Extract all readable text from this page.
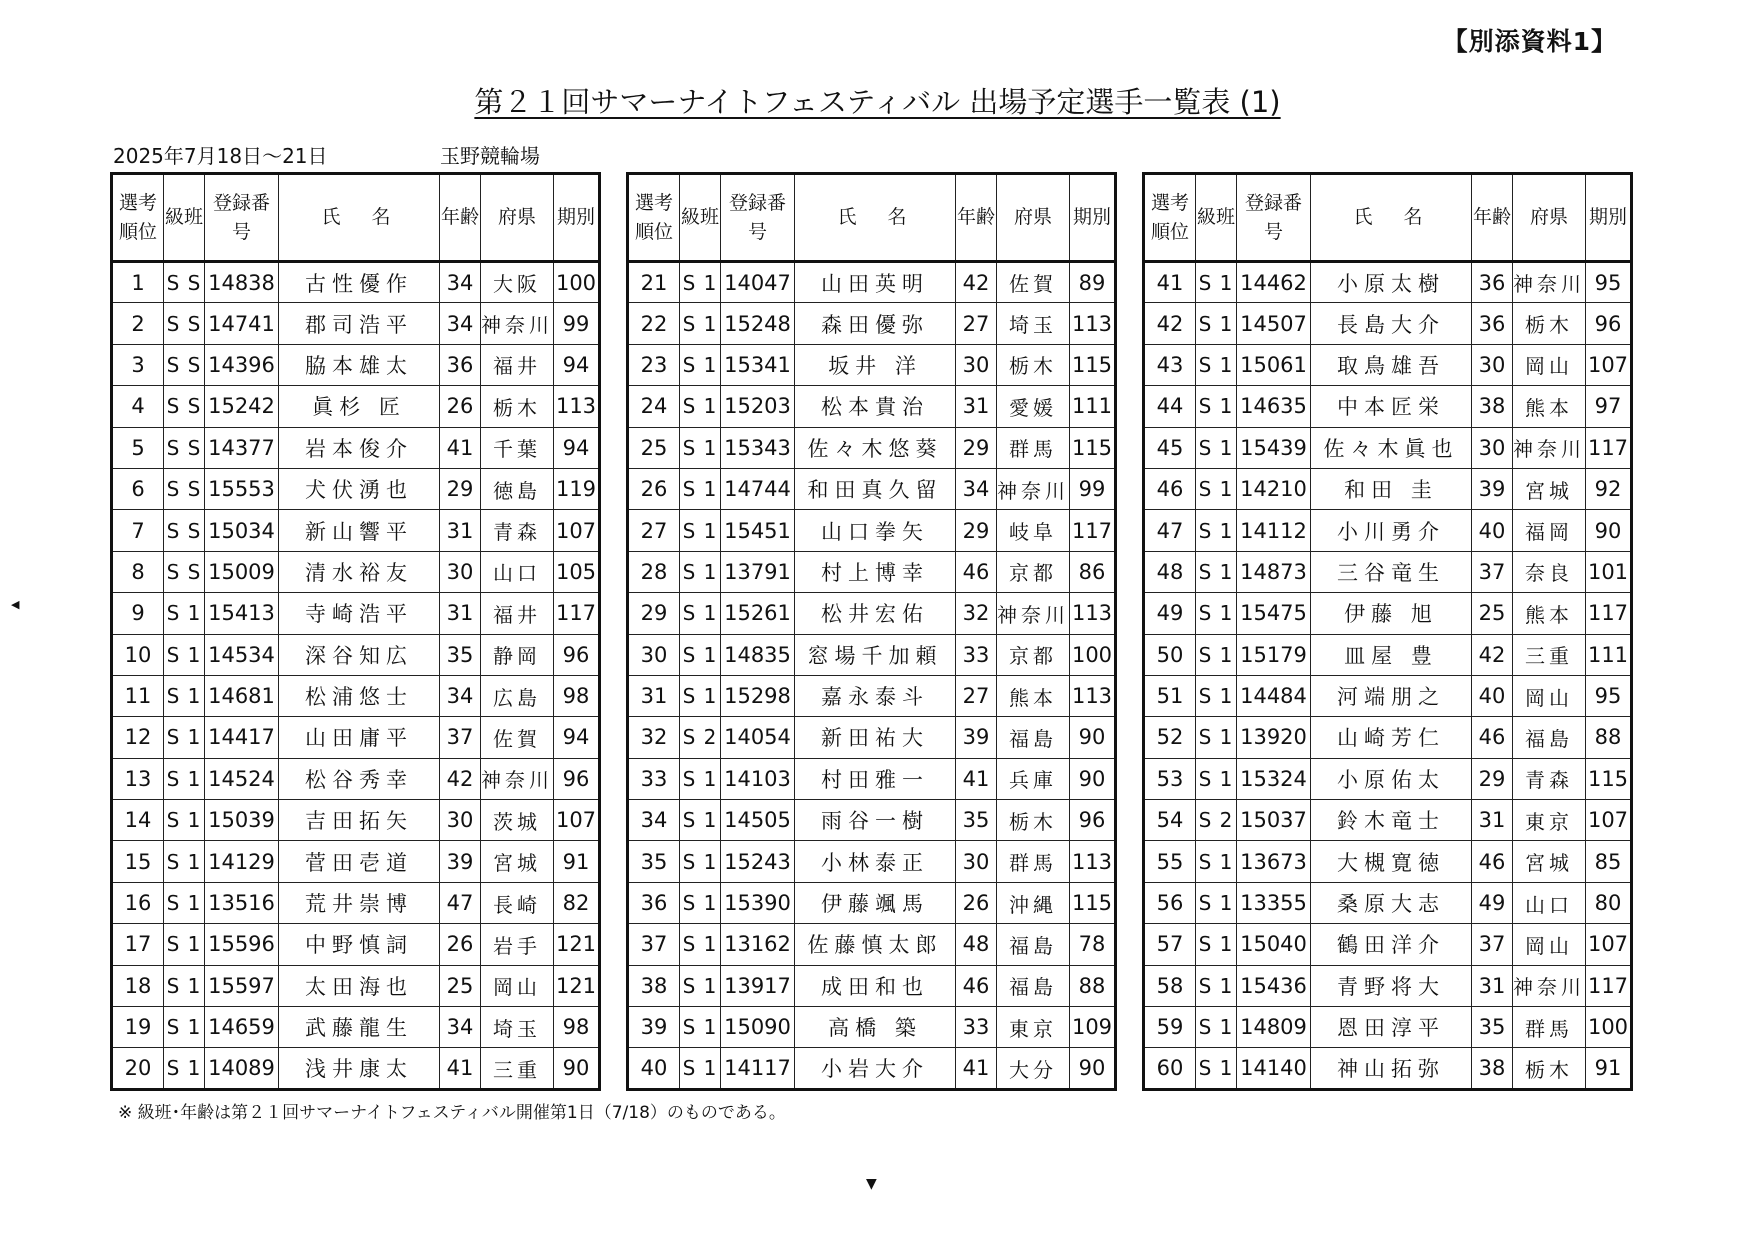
【別添資料1】
第２１回サマーナイトフェスティバル 出場予定選手一覧表 (1)
2025年7月18日～21日	玉野競輪場
◀
選考順位	級班	登録番号	氏　名	年齢	府県	期別
1	S S	14838	古性優作	34	大阪	100
2	S S	14741	郡司浩平	34	神奈川	99
3	S S	14396	脇本雄太	36	福井	94
4	S S	15242	眞杉 匠	26	栃木	113
5	S S	14377	岩本俊介	41	千葉	94
6	S S	15553	犬伏湧也	29	徳島	119
7	S S	15034	新山響平	31	青森	107
8	S S	15009	清水裕友	30	山口	105
9	S 1	15413	寺崎浩平	31	福井	117
10	S 1	14534	深谷知広	35	静岡	96
11	S 1	14681	松浦悠士	34	広島	98
12	S 1	14417	山田庸平	37	佐賀	94
13	S 1	14524	松谷秀幸	42	神奈川	96
14	S 1	15039	吉田拓矢	30	茨城	107
15	S 1	14129	菅田壱道	39	宮城	91
16	S 1	13516	荒井崇博	47	長崎	82
17	S 1	15596	中野慎詞	26	岩手	121
18	S 1	15597	太田海也	25	岡山	121
19	S 1	14659	武藤龍生	34	埼玉	98
20	S 1	14089	浅井康太	41	三重	90
選考順位	級班	登録番号	氏　名	年齢	府県	期別
21	S 1	14047	山田英明	42	佐賀	89
22	S 1	15248	森田優弥	27	埼玉	113
23	S 1	15341	坂井 洋	30	栃木	115
24	S 1	15203	松本貴治	31	愛媛	111
25	S 1	15343	佐々木悠葵	29	群馬	115
26	S 1	14744	和田真久留	34	神奈川	99
27	S 1	15451	山口拳矢	29	岐阜	117
28	S 1	13791	村上博幸	46	京都	86
29	S 1	15261	松井宏佑	32	神奈川	113
30	S 1	14835	窓場千加頼	33	京都	100
31	S 1	15298	嘉永泰斗	27	熊本	113
32	S 2	14054	新田祐大	39	福島	90
33	S 1	14103	村田雅一	41	兵庫	90
34	S 1	14505	雨谷一樹	35	栃木	96
35	S 1	15243	小林泰正	30	群馬	113
36	S 1	15390	伊藤颯馬	26	沖縄	115
37	S 1	13162	佐藤慎太郎	48	福島	78
38	S 1	13917	成田和也	46	福島	88
39	S 1	15090	高橋 築	33	東京	109
40	S 1	14117	小岩大介	41	大分	90
選考順位	級班	登録番号	氏　名	年齢	府県	期別
41	S 1	14462	小原太樹	36	神奈川	95
42	S 1	14507	長島大介	36	栃木	96
43	S 1	15061	取鳥雄吾	30	岡山	107
44	S 1	14635	中本匠栄	38	熊本	97
45	S 1	15439	佐々木眞也	30	神奈川	117
46	S 1	14210	和田 圭	39	宮城	92
47	S 1	14112	小川勇介	40	福岡	90
48	S 1	14873	三谷竜生	37	奈良	101
49	S 1	15475	伊藤 旭	25	熊本	117
50	S 1	15179	皿屋 豊	42	三重	111
51	S 1	14484	河端朋之	40	岡山	95
52	S 1	13920	山崎芳仁	46	福島	88
53	S 1	15324	小原佑太	29	青森	115
54	S 2	15037	鈴木竜士	31	東京	107
55	S 1	13673	大槻寛徳	46	宮城	85
56	S 1	13355	桑原大志	49	山口	80
57	S 1	15040	鶴田洋介	37	岡山	107
58	S 1	15436	青野将大	31	神奈川	117
59	S 1	14809	恩田淳平	35	群馬	100
60	S 1	14140	神山拓弥	38	栃木	91
※ 級班･年齢は第２１回サマーナイトフェスティバル開催第1日（7/18）のものである。
▼
